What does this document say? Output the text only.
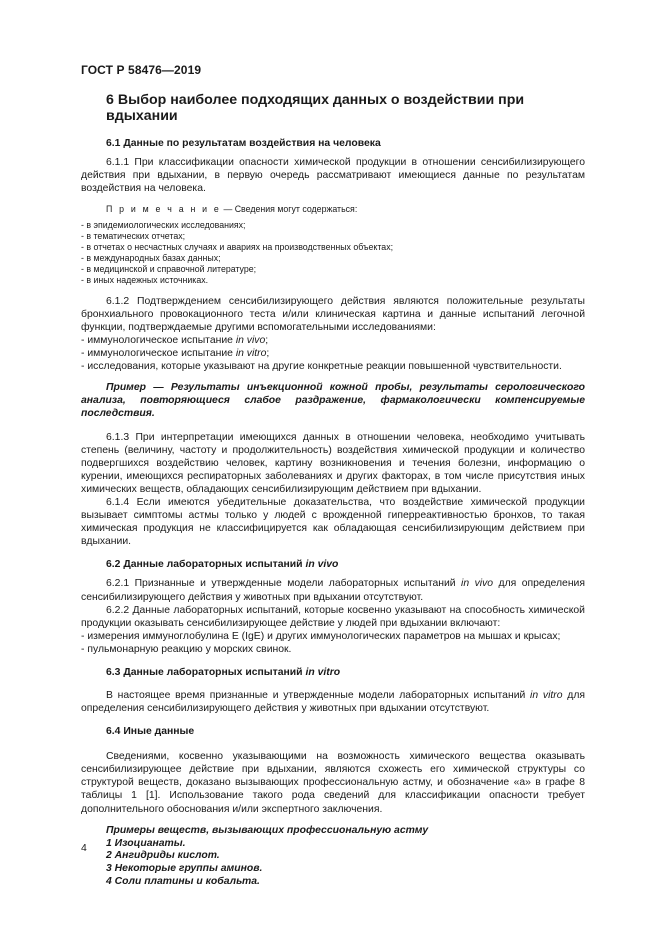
ГОСТ Р 58476—2019
6 Выбор наиболее подходящих данных о воздействии при вдыхании
6.1 Данные по результатам воздействия на человека

6.1.1 При классификации опасности химической продукции в отношении сенсибилизирующего действия при вдыхании, в первую очередь рассматривают имеющиеся данные по результатам воздействия на человека.

П р и м е ч а н и е — Сведения могут содержаться:
- в эпидемиологических исследованиях;
- в тематических отчетах;
- в отчетах о несчастных случаях и авариях на производственных объектах;
- в международных базах данных;
- в медицинской и справочной литературе;
- в иных надежных источниках.

6.1.2 Подтверждением сенсибилизирующего действия являются положительные результаты бронхиального провокационного теста и/или клиническая картина и данные испытаний легочной функции, подтверждаемые другими вспомогательными исследованиями:

- иммунологическое испытание in vivo;

- иммунологическое испытание in vitro;

- исследования, которые указывают на другие конкретные реакции повышенной чувствительности.

Пример — Результаты инъекционной кожной пробы, результаты серологического анализа, повторяющиеся слабое раздражение, фармакологически компенсируемые последствия.

6.1.3 При интерпретации имеющихся данных в отношении человека, необходимо учитывать степень (величину, частоту и продолжительность) воздействия химической продукции и количество подвергшихся воздействию человек, картину возникновения и течения болезни, информацию о курении, имеющихся респираторных заболеваниях и других факторах, в том числе присутствия иных химических веществ, обладающих сенсибилизирующим действием при вдыхании.

6.1.4 Если имеются убедительные доказательства, что воздействие химической продукции вызывает симптомы астмы только у людей с врожденной гиперреактивностью бронхов, то такая химическая продукция не классифицируется как обладающая сенсибилизирующим действием при вдыхании.

6.2 Данные лабораторных испытаний in vivo

6.2.1 Признанные и утвержденные модели лабораторных испытаний in vivo для определения сенсибилизирующего действия у животных при вдыхании отсутствуют.

6.2.2 Данные лабораторных испытаний, которые косвенно указывают на способность химической продукции оказывать сенсибилизирующее действие у людей при вдыхании включают:

- измерения иммуноглобулина Е (IgE) и других иммунологических параметров на мышах и крысах;

- пульмонарную реакцию у морских свинок.

6.3 Данные лабораторных испытаний in vitro

В настоящее время признанные и утвержденные модели лабораторных испытаний in vitro для определения сенсибилизирующего действия у животных при вдыхании отсутствуют.

6.4 Иные данные

Сведениями, косвенно указывающими на возможность химического вещества оказывать сенсибилизирующее действие при вдыхании, являются схожесть его химической структуры со структурой веществ, доказано вызывающих профессиональную астму, и обозначение «а» в графе 8 таблицы 1 [1]. Использование такого рода сведений для классификации опасности требует дополнительного обоснования и/или экспертного заключения.

Примеры веществ, вызывающих профессиональную астму
1 Изоцианаты.
2 Ангидриды кислот.
3 Некоторые группы аминов.
4 Соли платины и кобальта.
4
